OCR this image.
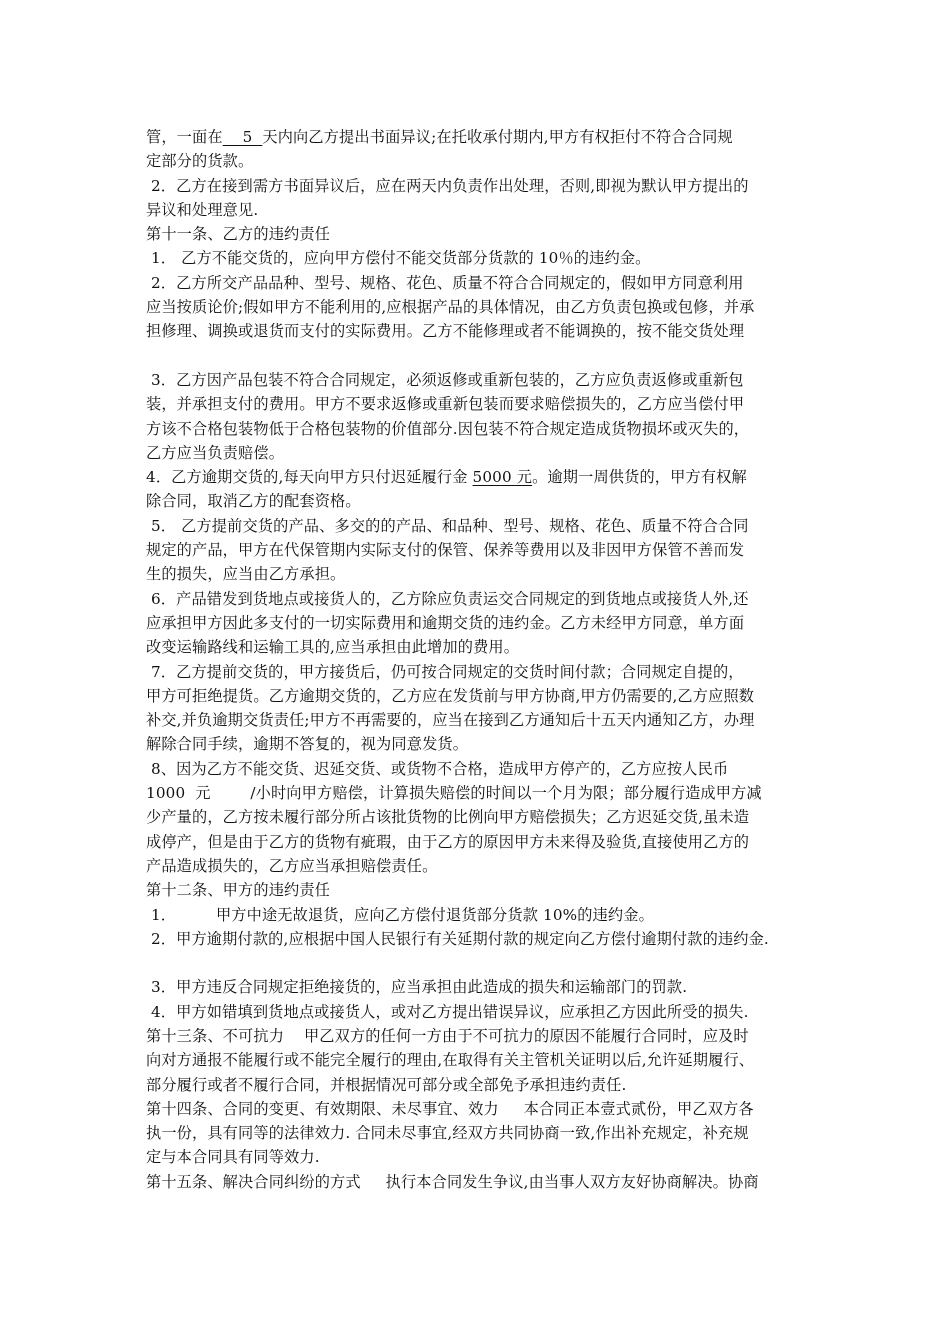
管，一面在    5  天内向乙方提出书面异议;在托收承付期内,甲方有权拒付不符合合同规
定部分的货款。
2．乙方在接到需方书面异议后，应在两天内负责作出处理，否则,即视为默认甲方提出的
异议和处理意见.
第十一条、乙方的违约责任
1． 乙方不能交货的，应向甲方偿付不能交货部分货款的 10％的违约金。
2．乙方所交产品品种、型号、规格、花色、质量不符合合同规定的，假如甲方同意利用
应当按质论价;假如甲方不能利用的,应根据产品的具体情况，由乙方负责包换或包修，并承
担修理、调换或退货而支付的实际费用。乙方不能修理或者不能调换的，按不能交货处理
3．乙方因产品包装不符合合同规定，必须返修或重新包装的，乙方应负责返修或重新包
装，并承担支付的费用。甲方不要求返修或重新包装而要求赔偿损失的，乙方应当偿付甲
方该不合格包装物低于合格包装物的价值部分.因包装不符合规定造成货物损坏或灭失的，
乙方应当负责赔偿。
4．乙方逾期交货的,每天向甲方只付迟延履行金 5000 元。逾期一周供货的，甲方有权解
除合同，取消乙方的配套资格。
5． 乙方提前交货的产品、多交的的产品、和品种、型号、规格、花色、质量不符合合同
规定的产品，甲方在代保管期内实际支付的保管、保养等费用以及非因甲方保管不善而发
生的损失，应当由乙方承担。
6．产品错发到货地点或接货人的，乙方除应负责运交合同规定的到货地点或接货人外,还
应承担甲方因此多支付的一切实际费用和逾期交货的违约金。乙方未经甲方同意，单方面
改变运输路线和运输工具的,应当承担由此增加的费用。
7．乙方提前交货的，甲方接货后，仍可按合同规定的交货时间付款；合同规定自提的，
甲方可拒绝提货。乙方逾期交货的，乙方应在发货前与甲方协商,甲方仍需要的,乙方应照数
补交,并负逾期交货责任;甲方不再需要的，应当在接到乙方通知后十五天内通知乙方，办理
解除合同手续，逾期不答复的，视为同意发货。
8、因为乙方不能交货、迟延交货、或货物不合格，造成甲方停产的，乙方应按人民币
1000  元        /小时向甲方赔偿，计算损失赔偿的时间以一个月为限；部分履行造成甲方减
少产量的，乙方按未履行部分所占该批货物的比例向甲方赔偿损失；乙方迟延交货,虽未造
成停产，但是由于乙方的货物有疵瑕，由于乙方的原因甲方未来得及验货,直接使用乙方的
产品造成损失的，乙方应当承担赔偿责任。
第十二条、甲方的违约责任
1．        甲方中途无故退货，应向乙方偿付退货部分货款 10%的违约金。
2．甲方逾期付款的,应根据中国人民银行有关延期付款的规定向乙方偿付逾期付款的违约金.
3．甲方违反合同规定拒绝接货的，应当承担由此造成的损失和运输部门的罚款.
4．甲方如错填到货地点或接货人，或对乙方提出错误异议，应承担乙方因此所受的损失.
第十三条、不可抗力    甲乙双方的任何一方由于不可抗力的原因不能履行合同时，应及时
向对方通报不能履行或不能完全履行的理由,在取得有关主管机关证明以后,允许延期履行、
部分履行或者不履行合同，并根据情况可部分或全部免予承担违约责任.
第十四条、合同的变更、有效期限、未尽事宜、效力     本合同正本壹式贰份，甲乙双方各
执一份，具有同等的法律效力. 合同未尽事宜,经双方共同协商一致,作出补充规定，补充规
定与本合同具有同等效力.
第十五条、解决合同纠纷的方式     执行本合同发生争议,由当事人双方友好协商解决。协商
